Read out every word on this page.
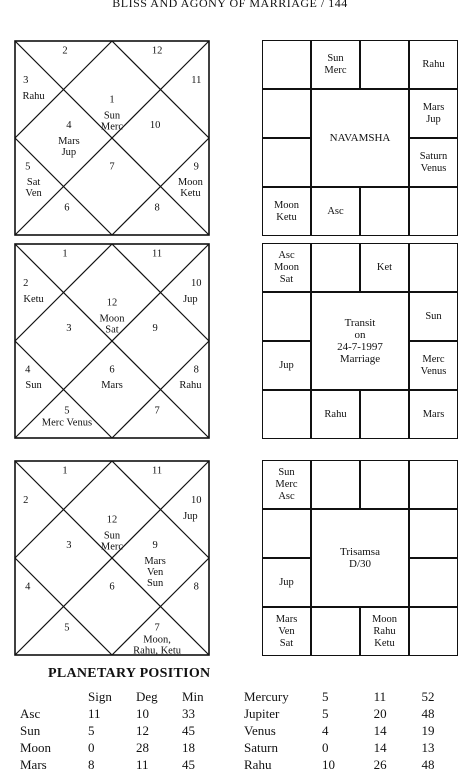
BLISS AND AGONY OF MARRIAGE / 144
1
Sun Merc
2
3
Rahu
4
Mars Jup
5
Sat Ven
6
7
8
9
Moon Ketu
10
11
12
12
Moon Sat
1
2
Ketu
3
4
Sun
5
Merc Venus
6
Mars
7
8
Rahu
9
10
Jup
11
12
Sun Merc
1
2
3
4
5
6
7
Moon, Rahu, Ketu
8
9
Mars Ven Sun
10
Jup
11
Sun
Merc
Rahu
Mars
Jup
Saturn
Venus
Asc
Moon
Ketu
NAVAMSHA
Asc
Moon
Sat
Ket
Sun
Merc
Venus
Mars
Rahu
Jup
Transit
on
24-7-1997
Marriage
Sun
Merc
Asc
Moon
Rahu
Ketu
Mars
Ven
Sat
Jup
Trisamsa
D/30
PLANETARY POSITION
	Sign	Deg	Min
Asc	11	10	33
Sun	5	12	45
Moon	0	28	18
Mars	8	11	45
Mercury	5	11	52
Jupiter	5	20	48
Venus	4	14	19
Saturn	0	14	13
Rahu	10	26	48
